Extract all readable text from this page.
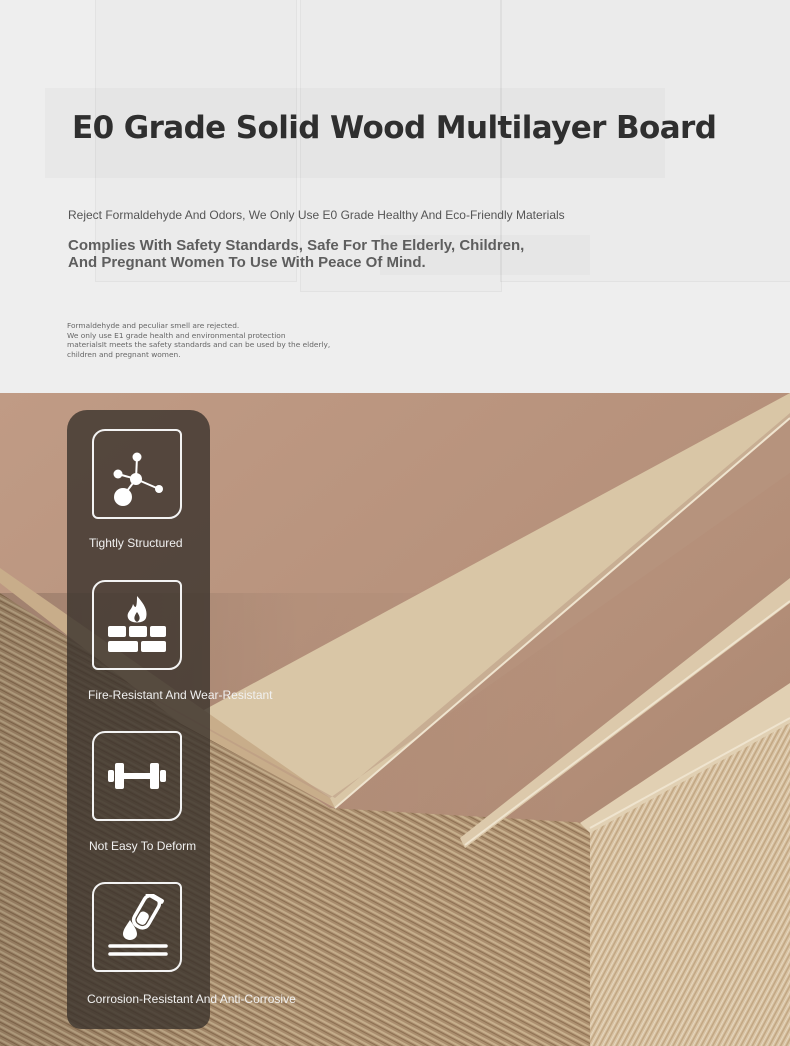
E0 Grade Solid Wood Multilayer Board
Reject Formaldehyde And Odors, We Only Use E0 Grade Healthy And Eco-Friendly Materials
Complies With Safety Standards, Safe For The Elderly, Children, And Pregnant Women To Use With Peace Of Mind.
Formaldehyde and peculiar smell are rejected.
We only use E1 grade health and environmental protection
materialsIt meets the safety standards and can be used by the elderly,
children and pregnant women.
Tightly Structured
Fire-Resistant And Wear-Resistant
Not Easy To Deform
Corrosion-Resistant And Anti-Corrosive
